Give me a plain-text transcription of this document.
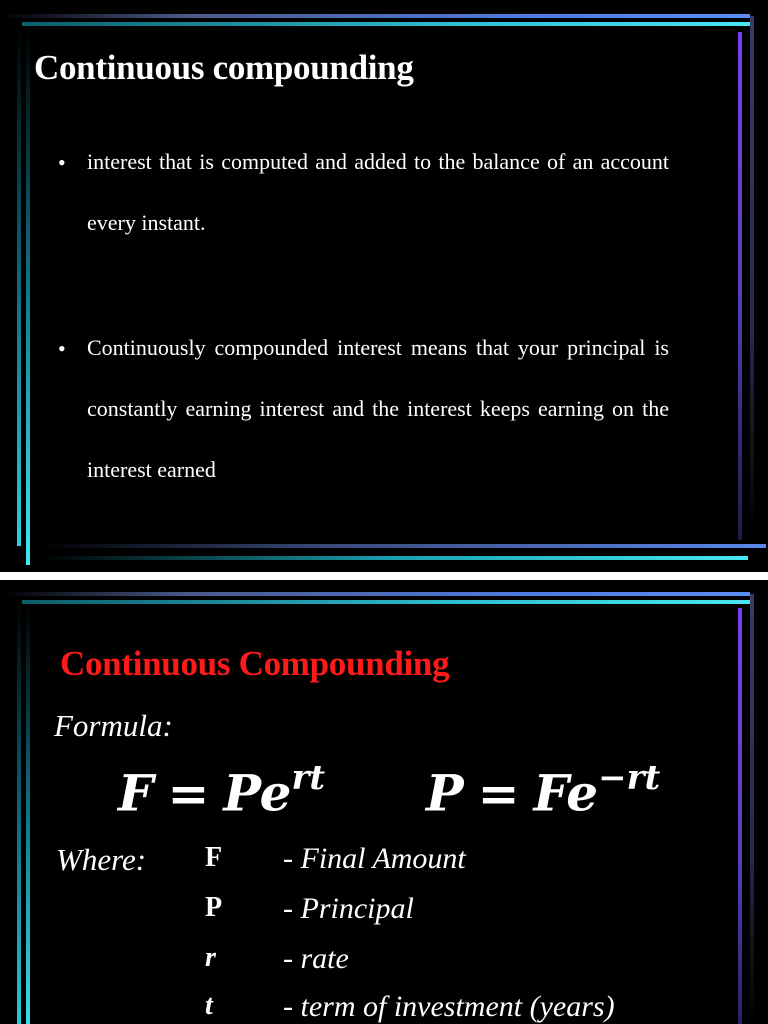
Continuous compounding
• interest that is computed and added to the balance of an account every instant.
• Continuously compounded interest means that your principal is constantly earning interest and the interest keeps earning on the interest earned
Continuous Compounding
Formula:
$F = Pe^{rt}$ $P = Fe^{-rt}$
Where: F - Final Amount
P - Principal
r - rate
t - term of investment (years)
